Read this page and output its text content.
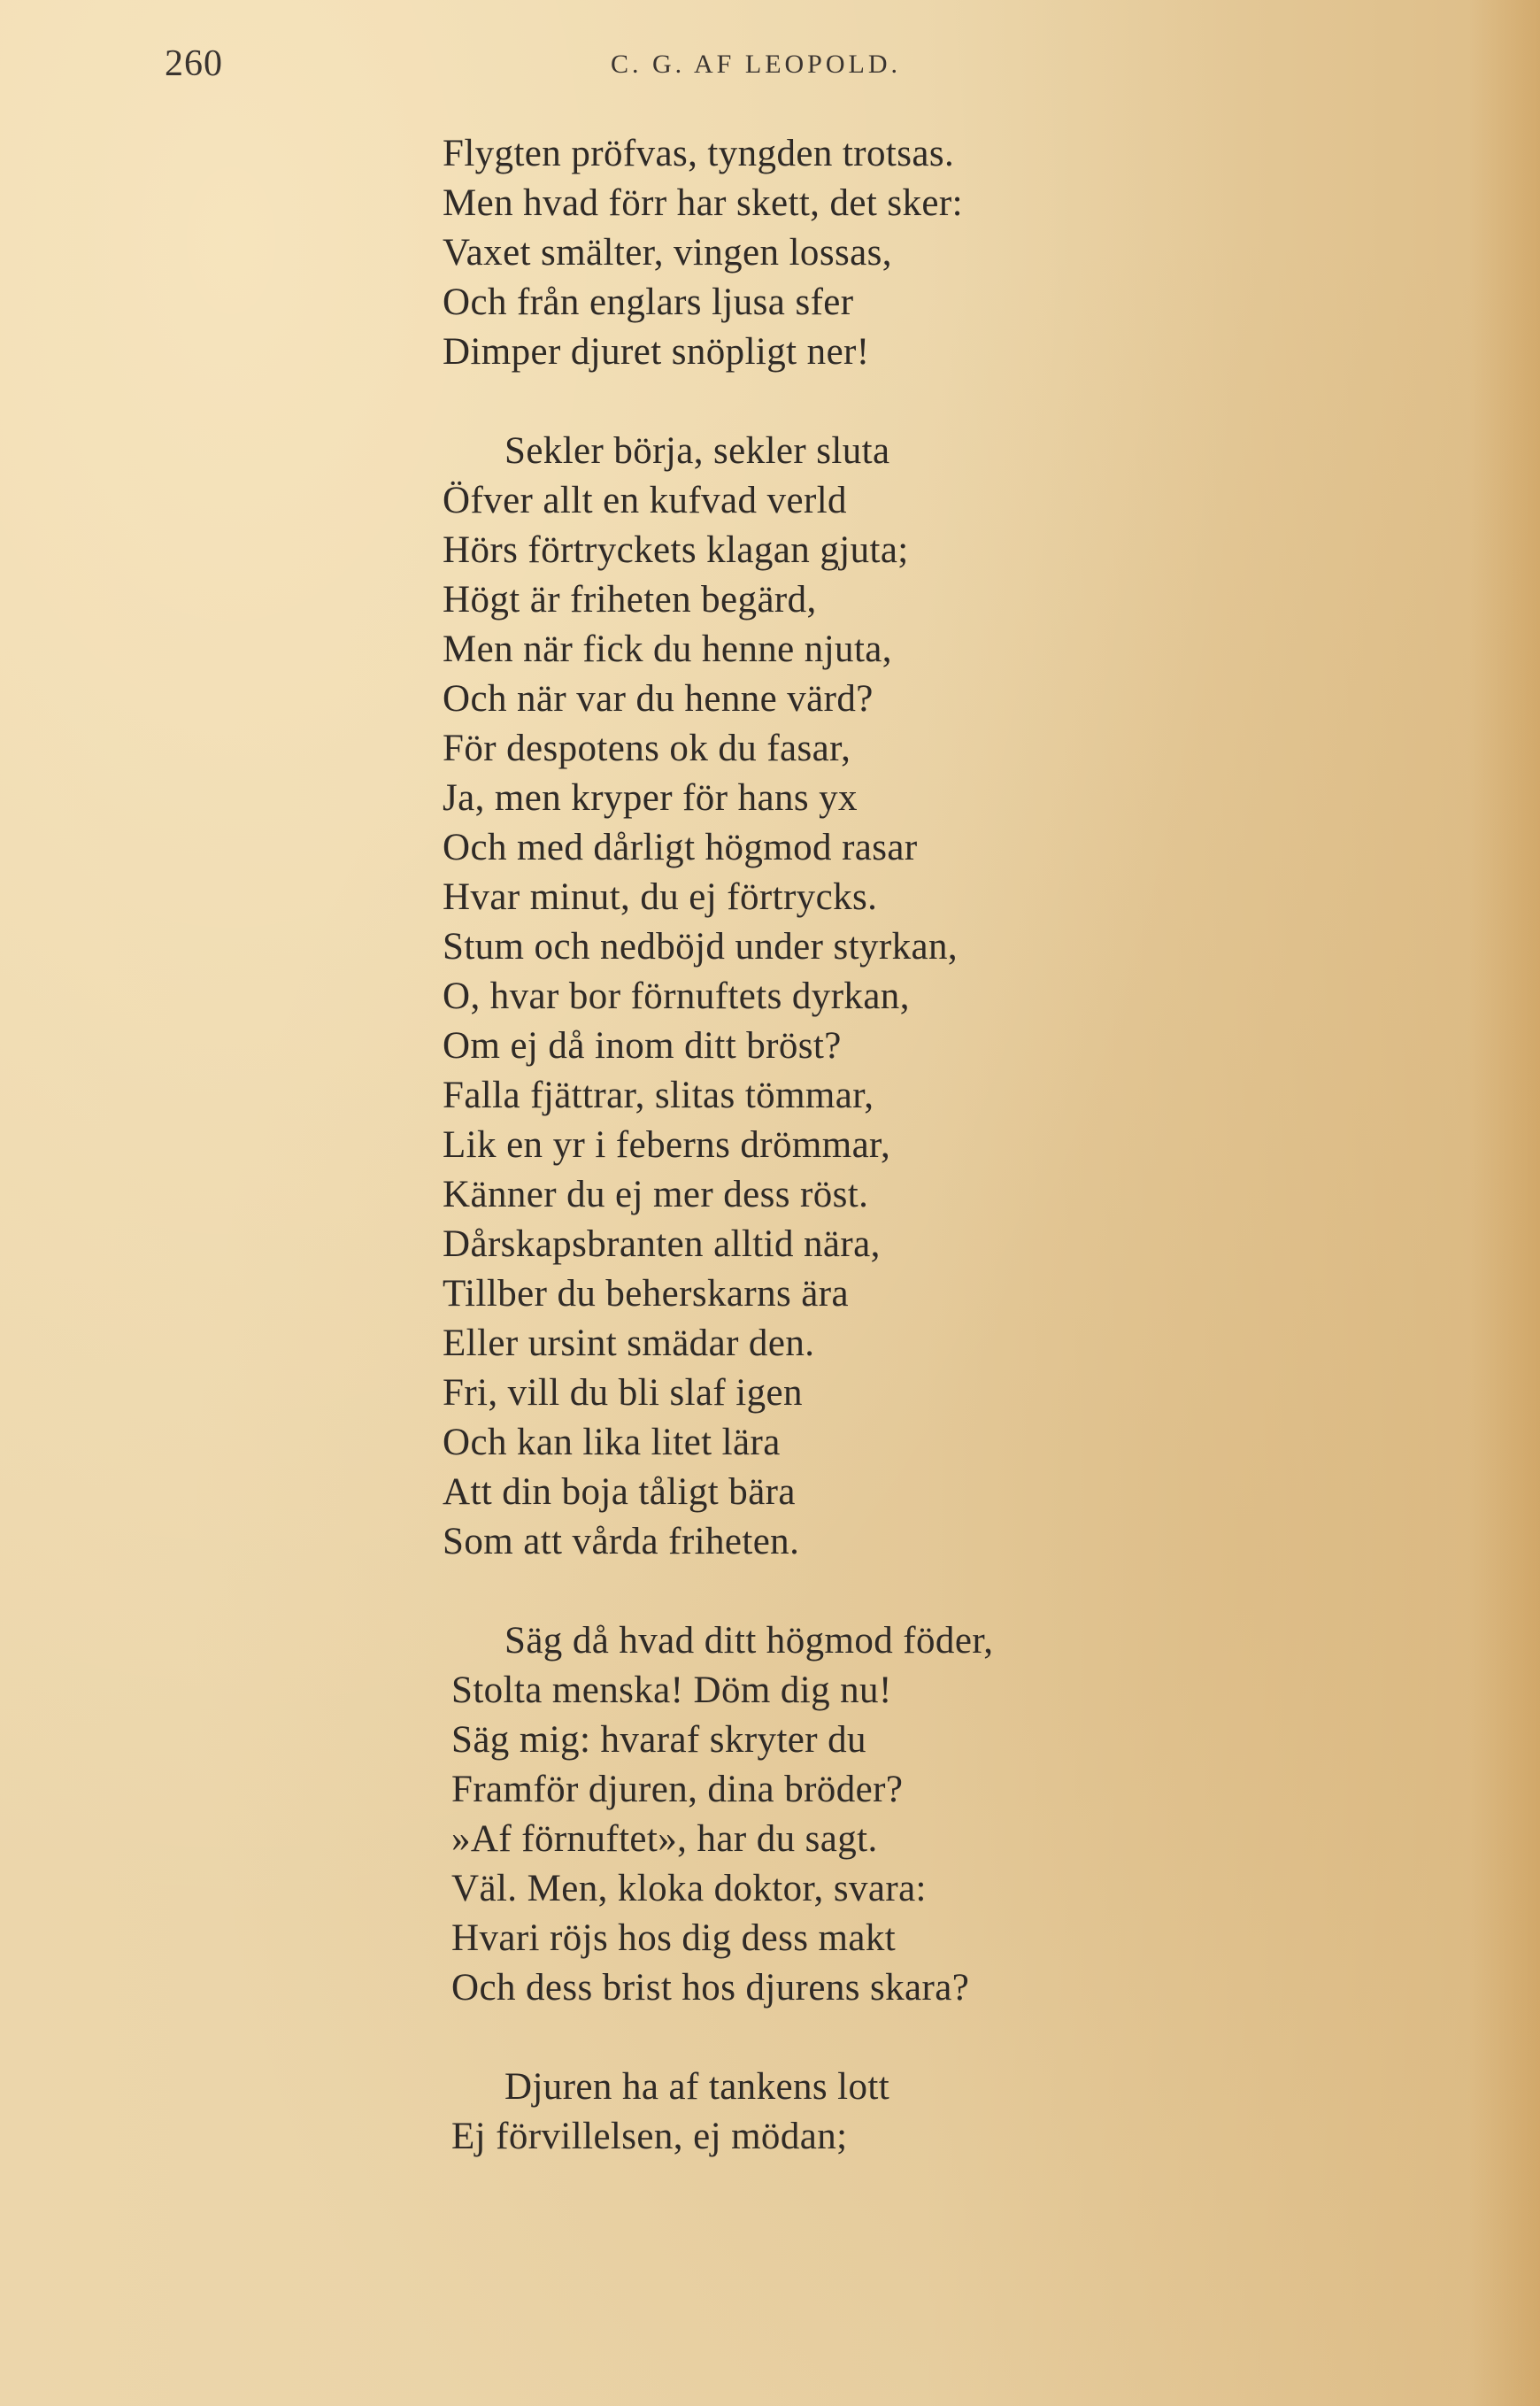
260	C. G. AF LEOPOLD.
Flygten pröfvas, tyngden trotsas.
Men hvad förr har skett, det sker:
Vaxet smälter, vingen lossas,
Och från englars ljusa sfer
Dimper djuret snöpligt ner!
Sekler börja, sekler sluta
Öfver allt en kufvad verld
Hörs förtryckets klagan gjuta;
Högt är friheten begärd,
Men när fick du henne njuta,
Och när var du henne värd?
För despotens ok du fasar,
Ja, men kryper för hans yx
Och med dårligt högmod rasar
Hvar minut, du ej förtrycks.
Stum och nedböjd under styrkan,
O, hvar bor förnuftets dyrkan,
Om ej då inom ditt bröst?
Falla fjättrar, slitas tömmar,
Lik en yr i feberns drömmar,
Känner du ej mer dess röst.
Dårskapsbranten alltid nära,
Tillber du beherskarns ära
Eller ursint smädar den.
Fri, vill du bli slaf igen
Och kan lika litet lära
Att din boja tåligt bära
Som att vårda friheten.
Säg då hvad ditt högmod föder,
Stolta menska! Döm dig nu!
Säg mig: hvaraf skryter du
Framför djuren, dina bröder?
»Af förnuftet», har du sagt.
Väl. Men, kloka doktor, svara:
Hvari röjs hos dig dess makt
Och dess brist hos djurens skara?
Djuren ha af tankens lott
Ej förvillelsen, ej mödan;
